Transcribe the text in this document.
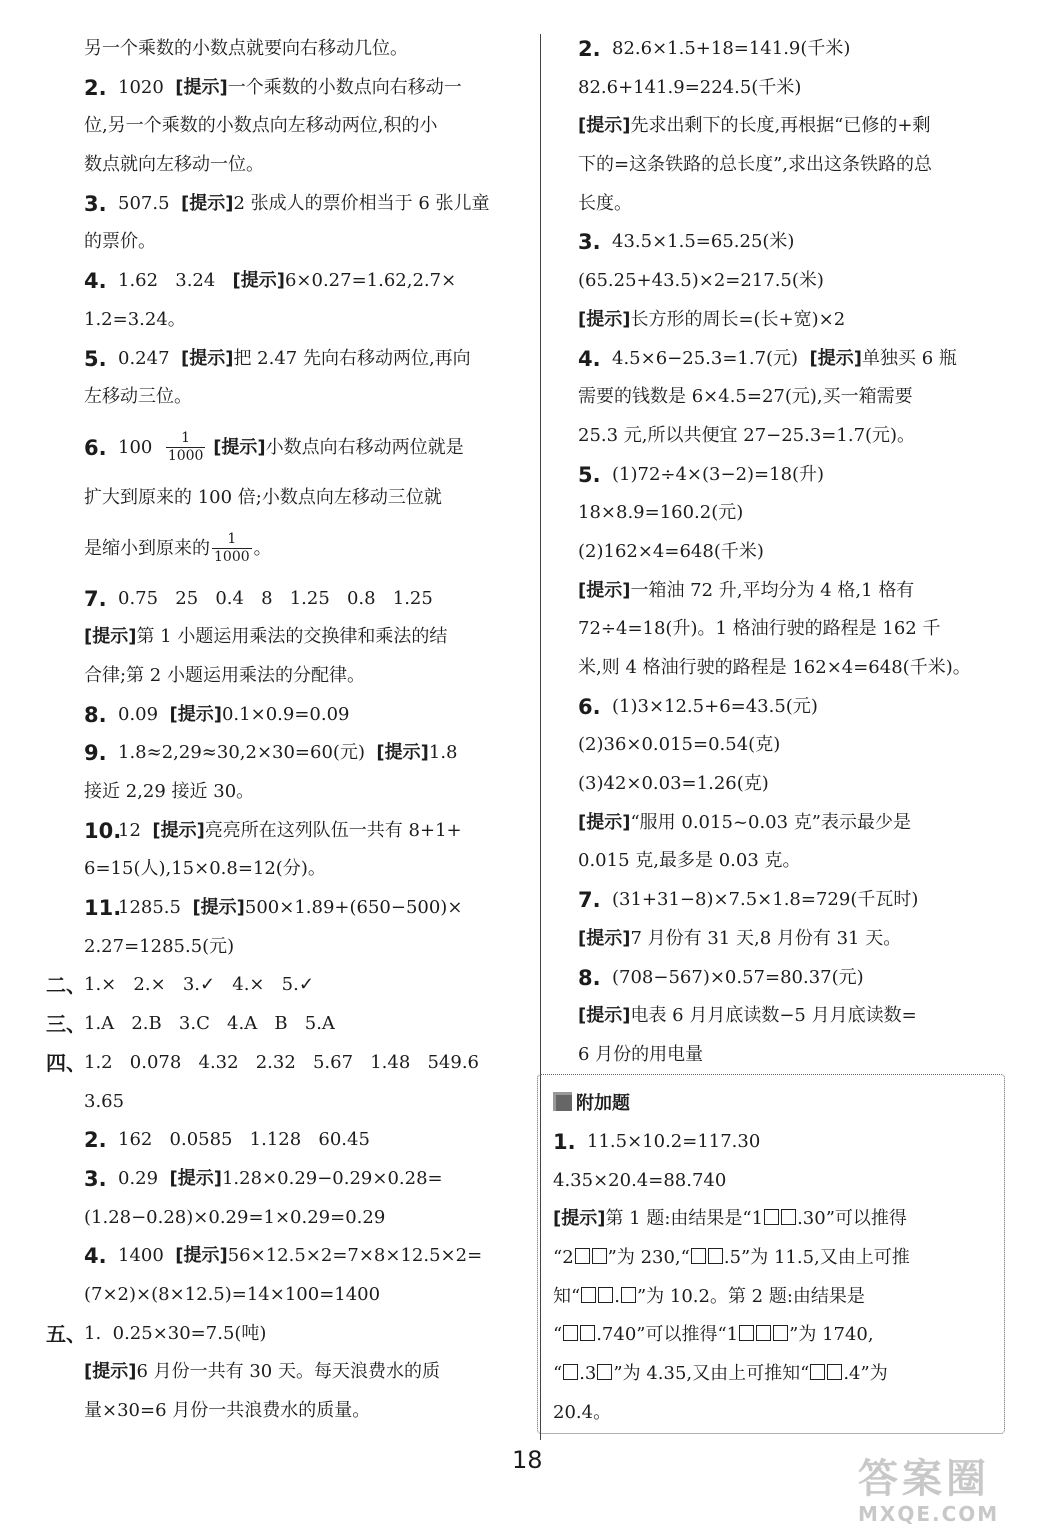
另一个乘数的小数点就要向右移动几位。
2. 1020  [提示]一个乘数的小数点向右移动一
位,另一个乘数的小数点向左移动两位,积的小
数点就向左移动一位。
3. 507.5  [提示]2 张成人的票价相当于 6 张儿童
的票价。
4. 1.62   3.24   [提示]6×0.27=1.62,2.7×
1.2=3.24。
5. 0.247  [提示]把 2.47 先向右移动两位,再向
左移动三位。
6. $100 \frac{1}{1000}$ [提示]小数点向右移动两位就是
扩大到原来的 100 倍;小数点向左移动三位就
是缩小到原来的 $\frac{1}{1000}$ 。
7. 0.75   25   0.4   8   1.25   0.8   1.25
[提示]第 1 小题运用乘法的交换律和乘法的结
合律;第 2 小题运用乘法的分配律。
8. 0.09  [提示]0.1×0.9=0.09
9. 1.8≈2,29≈30,2×30=60(元)  [提示]1.8
接近 2,29 接近 30。
10.
12  [提示]亮亮所在这列队伍一共有 8+1+
6=15(人),15×0.8=12(分)。
11.
1285.5  [提示]500×1.89+(650−500)×
2.27=1285.5(元)
二、
1.×   2.×   3.✓   4.×   5.✓
三、
1.A   2.B   3.C   4.A   B   5.A
四、
1.2   0.078   4.32   2.32   5.67   1.48   549.6
3.65
2. 162   0.0585   1.128   60.45
3. 0.29  [提示]1.28×0.29−0.29×0.28=
(1.28−0.28)×0.29=1×0.29=0.29
4. 1400  [提示]56×12.5×2=7×8×12.5×2=
(7×2)×(8×12.5)=14×100=1400
五、
1.  0.25×30=7.5(吨)
[提示]6 月份一共有 30 天。每天浪费水的质
量×30=6 月份一共浪费水的质量。
2. 82.6×1.5+18=141.9(千米)
82.6+141.9=224.5(千米)
[提示]先求出剩下的长度,再根据“已修的+剩
下的=这条铁路的总长度”,求出这条铁路的总
长度。
3. 43.5×1.5=65.25(米)
(65.25+43.5)×2=217.5(米)
[提示]长方形的周长=(长+宽)×2
4. 4.5×6−25.3=1.7(元)  [提示]单独买 6 瓶
需要的钱数是 6×4.5=27(元),买一箱需要
25.3 元,所以共便宜 27−25.3=1.7(元)。
5. (1)72÷4×(3−2)=18(升)
18×8.9=160.2(元)
(2)162×4=648(千米)
[提示]一箱油 72 升,平均分为 4 格,1 格有
72÷4=18(升)。1 格油行驶的路程是 162 千
米,则 4 格油行驶的路程是 162×4=648(千米)。
6. (1)3×12.5+6=43.5(元)
(2)36×0.015=0.54(克)
(3)42×0.03=1.26(克)
[提示]“服用 0.015~0.03 克”表示最少是
0.015 克,最多是 0.03 克。
7. (31+31−8)×7.5×1.8=729(千瓦时)
[提示]7 月份有 31 天,8 月份有 31 天。
8. (708−567)×0.57=80.37(元)
[提示]电表 6 月月底读数−5 月月底读数=
6 月份的用电量
附加题
1. 11.5×10.2=117.30
4.35×20.4=88.740
[提示]第 1 题:由结果是“1 .30”可以推得
“2 ”为 230,“ .5”为 11.5,又由上可推
知“ . ”为 10.2。第 2 题:由结果是
“ .740”可以推得“1	”为 1740,
“ .3 ”为 4.35,又由上可推知“ .4”为
20.4。
18	答案圈
MXQE.COM
